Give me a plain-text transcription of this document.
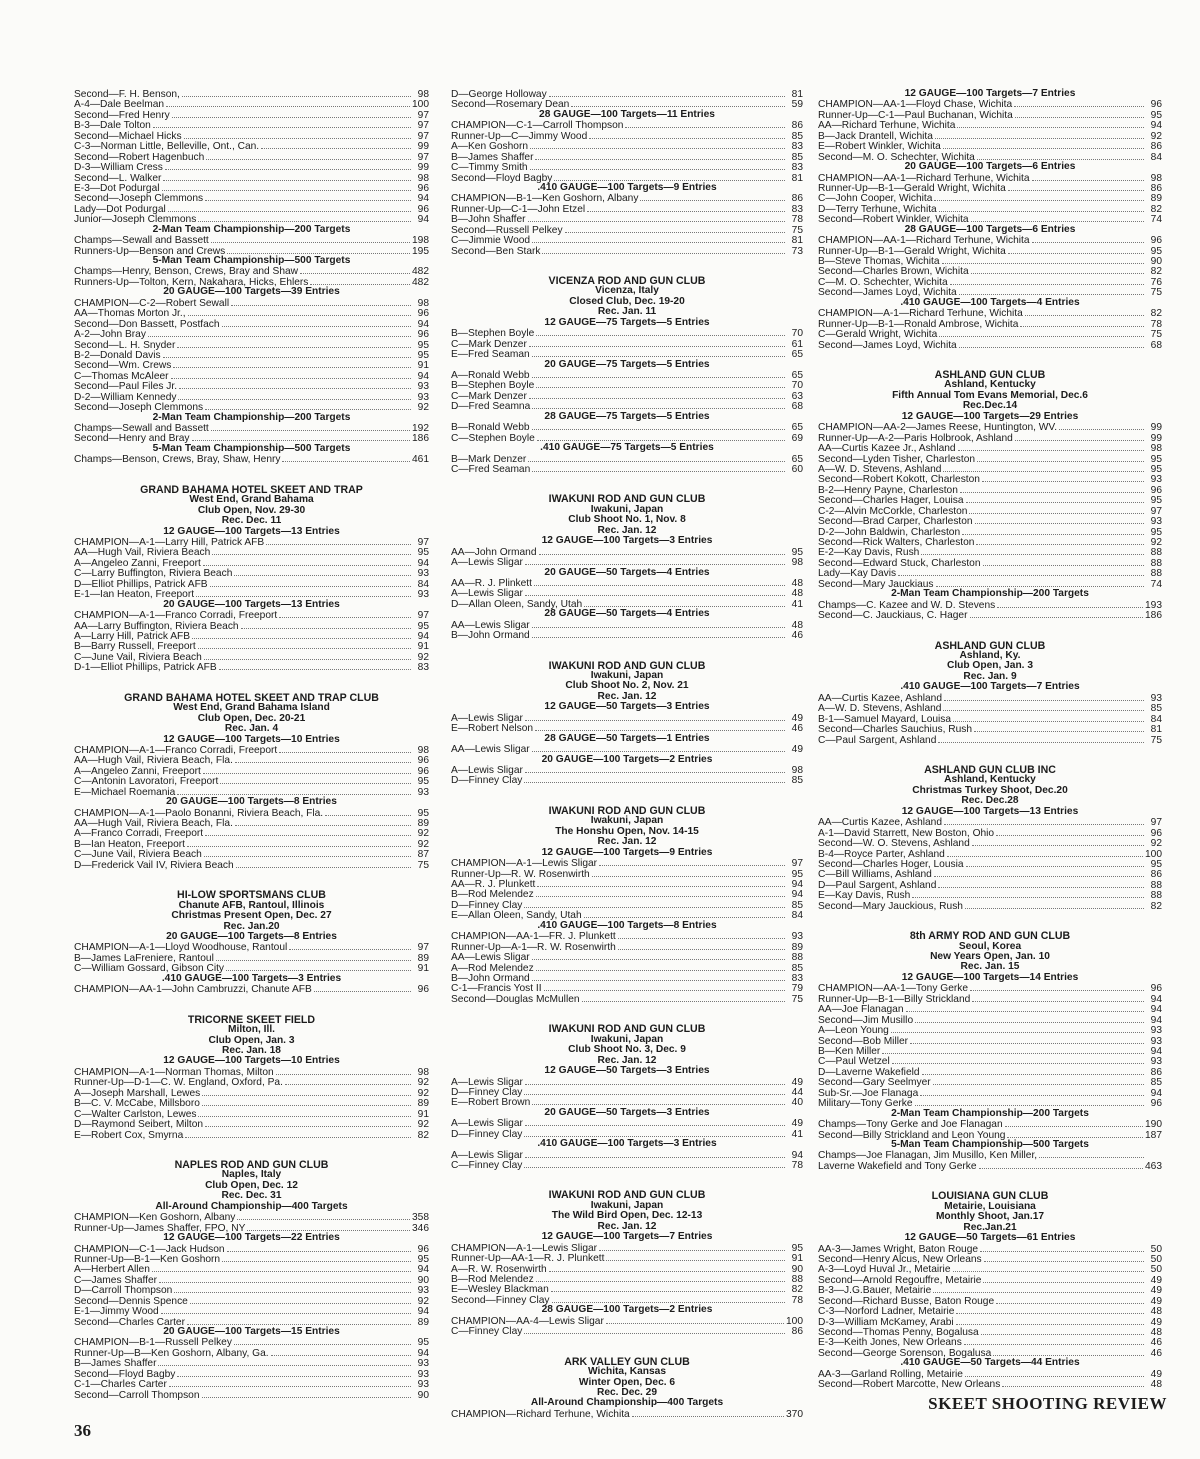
Second—F. H. Benson,	98
A-4—Dale Beelman	100
Second—Fred Henry	97
B-3—Dale Tolton	97
Second—Michael Hicks	97
C-3—Norman Little, Belleville, Ont., Can.	99
Second—Robert Hagenbuch	97
D-3—William Cress	99
Second—L. Walker	98
E-3—Dot Podurgal	96
Second—Joseph Clemmons	94
Lady—Dot Podurgal	96
Junior—Joseph Clemmons	94
2-Man Team Championship—200 Targets
Champs—Sewall and Bassett	198
Runners-Up—Benson and Crews	195
5-Man Team Championship—500 Targets
Champs—Henry, Benson, Crews, Bray and Shaw	482
Runners-Up—Tolton, Kern, Nakahara, Hicks, Ehlers	482
20 GAUGE—100 Targets—39 Entries
CHAMPION—C-2—Robert Sewall	98
AA—Thomas Morton Jr.,	96
Second—Don Bassett, Postfach	94
A-2—John Bray	96
Second—L. H. Snyder	95
B-2—Donald Davis	95
Second—Wm. Crews	91
C—Thomas McAleer	94
Second—Paul Files Jr.	93
D-2—William Kennedy	93
Second—Joseph Clemmons	92
2-Man Team Championship—200 Targets
Champs—Sewall and Bassett	192
Second—Henry and Bray	186
5-Man Team Championship—500 Targets
Champs—Benson, Crews, Bray, Shaw, Henry	461
GRAND BAHAMA HOTEL SKEET AND TRAP
West End, Grand Bahama
Club Open, Nov. 29-30
Rec. Dec. 11
12 GAUGE—100 Targets—13 Entries
CHAMPION—A-1—Larry Hill, Patrick AFB	97
AA—Hugh Vail, Riviera Beach	95
A—Angeleo Zanni, Freeport	94
C—Larry Buffington, Riviera Beach	93
D—Elliot Phillips, Patrick AFB	84
E-1—Ian Heaton, Freeport	93
20 GAUGE—100 Targets—13 Entries
CHAMPION—A-1—Franco Corradi, Freeport	97
AA—Larry Buffington, Riviera Beach	95
A—Larry Hill, Patrick AFB	94
B—Barry Russell, Freeport	91
C—June Vail, Riviera Beach	92
D-1—Elliot Phillips, Patrick AFB	83
GRAND BAHAMA HOTEL SKEET AND TRAP CLUB
West End, Grand Bahama Island
Club Open, Dec. 20-21
Rec. Jan. 4
12 GAUGE—100 Targets—10 Entries
CHAMPION—A-1—Franco Corradi, Freeport	98
AA—Hugh Vail, Riviera Beach, Fla.	96
A—Angeleo Zanni, Freeport	96
C—Antonin Lavoratori, Freeport	95
E—Michael Roemania	93
20 GAUGE—100 Targets—8 Entries
CHAMPION—A-1—Paolo Bonanni, Riviera Beach, Fla.	95
AA—Hugh Vail, Riviera Beach, Fla.	89
A—Franco Corradi, Freeport	92
B—Ian Heaton, Freeport	92
C—June Vail, Riviera Beach	87
D—Frederick Vail IV, Riviera Beach	75
HI-LOW SPORTSMANS CLUB
Chanute AFB, Rantoul, Illinois
Christmas Present Open, Dec. 27
Rec. Jan.20
20 GAUGE—100 Targets—8 Entries
CHAMPION—A-1—Lloyd Woodhouse, Rantoul	97
B—James LaFreniere, Rantoul	89
C—William Gossard, Gibson City	91
.410 GAUGE—100 Targets—3 Entries
CHAMPION—AA-1—John Cambruzzi, Chanute AFB	96
TRICORNE SKEET FIELD
Milton, Ill.
Club Open, Jan. 3
Rec. Jan. 18
12 GAUGE—100 Targets—10 Entries
CHAMPION—A-1—Norman Thomas, Milton	98
Runner-Up—D-1—C. W. England, Oxford, Pa.	92
A—Joseph Marshall, Lewes	92
B—C. V. McCabe, Millsboro	89
C—Walter Carlston, Lewes	91
D—Raymond Seibert, Milton	92
E—Robert Cox, Smyrna	82
NAPLES ROD AND GUN CLUB
Naples, Italy
Club Open, Dec. 12
Rec. Dec. 31
All-Around Championship—400 Targets
CHAMPION—Ken Goshorn, Albany	358
Runner-Up—James Shaffer, FPO, NY	346
12 GAUGE—100 Targets—22 Entries
CHAMPION—C-1—Jack Hudson	96
Runner-Up—B-1—Ken Goshorn	95
A—Herbert Allen	94
C—James Shaffer	90
D—Carroll Thompson	93
Second—Dennis Spence	92
E-1—Jimmy Wood	94
Second—Charles Carter	89
20 GAUGE—100 Targets—15 Entries
CHAMPION—B-1—Russell Pelkey	95
Runner-Up—B—Ken Goshorn, Albany, Ga.	94
B—James Shaffer	93
Second—Floyd Bagby	93
C-1—Charles Carter	93
Second—Carroll Thompson	90
D—George Holloway	81
Second—Rosemary Dean	59
28 GAUGE—100 Targets—11 Entries
CHAMPION—C-1—Carroll Thompson	86
Runner-Up—C—Jimmy Wood	85
A—Ken Goshorn	83
B—James Shaffer	85
C—Timmy Smith	83
Second—Floyd Bagby	81
.410 GAUGE—100 Targets—9 Entries
CHAMPION—B-1—Ken Goshorn, Albany	86
Runner-Up—C-1—John Etzel	83
B—John Shaffer	78
Second—Russell Pelkey	75
C—Jimmie Wood	81
Second—Ben Stark	73
VICENZA ROD AND GUN CLUB
Vicenza, Italy
Closed Club, Dec. 19-20
Rec. Jan. 11
12 GAUGE—75 Targets—5 Entries
B—Stephen Boyle	70
C—Mark Denzer	61
E—Fred Seaman	65
20 GAUGE—75 Targets—5 Entries
A—Ronald Webb	65
B—Stephen Boyle	70
C—Mark Denzer	63
D—Fred Seamna	68
28 GAUGE—75 Targets—5 Entries
B—Ronald Webb	65
C—Stephen Boyle	69
.410 GAUGE—75 Targets—5 Entries
B—Mark Denzer	65
C—Fred Seaman	60
IWAKUNI ROD AND GUN CLUB
Iwakuni, Japan
Club Shoot No. 1, Nov. 8
Rec. Jan. 12
12 GAUGE—100 Targets—3 Entries
AA—John Ormand	95
A—Lewis Sligar	98
20 GAUGE—50 Targets—4 Entries
AA—R. J. Plinkett	48
A—Lewis Sligar	48
D—Allan Oleen, Sandy, Utah	41
28 GAUGE—50 Targets—4 Entries
AA—Lewis Sligar	48
B—John Ormand	46
IWAKUNI ROD AND GUN CLUB
Iwakuni, Japan
Club Shoot No. 2, Nov. 21
Rec. Jan. 12
12 GAUGE—50 Targets—3 Entries
A—Lewis Sligar	49
E—Robert Nelson	46
28 GAUGE—50 Targets—1 Entries
AA—Lewis Sligar	49
20 GAUGE—100 Targets—2 Entries
A—Lewis Sligar	98
D—Finney Clay	85
IWAKUNI ROD AND GUN CLUB
Iwakuni, Japan
The Honshu Open, Nov. 14-15
Rec. Jan. 12
12 GAUGE—100 Targets—9 Entries
CHAMPION—A-1—Lewis Sligar	97
Runner-Up—R. W. Rosenwirth	95
AA—R. J. Plunkett	94
B—Rod Melendez	94
D—Finney Clay	85
E—Allan Oleen, Sandy, Utah	84
.410 GAUGE—100 Targets—8 Entries
CHAMPION—AA-1—FR. J. Plunkett	93
Runner-Up—A-1—R. W. Rosenwirth	89
AA—Lewis Sligar	88
A—Rod Melendez	85
B—John Ormand	83
C-1—Francis Yost II	79
Second—Douglas McMullen	75
IWAKUNI ROD AND GUN CLUB
Iwakuni, Japan
Club Shoot No. 3, Dec. 9
Rec. Jan. 12
12 GAUGE—50 Targets—3 Entries
A—Lewis Sligar	49
D—Finney Clay	44
E—Robert Brown	40
20 GAUGE—50 Targets—3 Entries
A—Lewis Sligar	49
D—Finney Clay	41
.410 GAUGE—100 Targets—3 Entries
A—Lewis Sligar	94
C—Finney Clay	78
IWAKUNI ROD AND GUN CLUB
Iwakuni, Japan
The Wild Bird Open, Dec. 12-13
Rec. Jan. 12
12 GAUGE—100 Targets—7 Entries
CHAMPION—A-1—Lewis Sligar	95
Runner-Up—AA-1—R. J. Plunkett	91
A—R. W. Rosenwirth	90
B—Rod Melendez	88
E—Wesley Blackman	82
Second—Finney Clay	78
28 GAUGE—100 Targets—2 Entries
CHAMPION—AA-4—Lewis Sligar	100
C—Finney Clay	86
ARK VALLEY GUN CLUB
Wichita, Kansas
Winter Open, Dec. 6
Rec. Dec. 29
All-Around Championship—400 Targets
CHAMPION—Richard Terhune, Wichita	370
12 GAUGE—100 Targets—7 Entries
CHAMPION—AA-1—Floyd Chase, Wichita	96
Runner-Up—C-1—Paul Buchanan, Wichita	95
AA—Richard Terhune, Wichita	94
B—Jack Drantell, Wichita	92
E—Robert Winkler, Wichita	86
Second—M. O. Schechter, Wichita	84
20 GAUGE—100 Targets—6 Entries
CHAMPION—AA-1—Richard Terhune, Wichita	98
Runner-Up—B-1—Gerald Wright, Wichita	86
C—John Cooper, Wichita	89
D—Terry Terhune, Wichita	82
Second—Robert Winkler, Wichita	74
28 GAUGE—100 Targets—6 Entries
CHAMPION—AA-1—Richard Terhune, Wichita	96
Runner-Up—B-1—Gerald Wright, Wichita	95
B—Steve Thomas, Wichita	90
Second—Charles Brown, Wichita	82
C—M. O. Schechter, Wichita	76
Second—James Loyd, Wichita	75
.410 GAUGE—100 Targets—4 Entries
CHAMPION—A-1—Richard Terhune, Wichita	82
Runner-Up—B-1—Ronald Ambrose, Wichita	78
C—Gerald Wright, Wichita	75
Second—James Loyd, Wichita	68
ASHLAND GUN CLUB
Ashland, Kentucky
Fifth Annual Tom Evans Memorial, Dec.6
Rec.Dec.14
12 GAUGE—100 Targets—29 Entries
CHAMPION—AA-2—James Reese, Huntington, WV.	99
Runner-Up—A-2—Paris Holbrook, Ashland	99
AA—Curtis Kazee Jr., Ashland	98
Second—Lyden Tisher, Charleston	95
A—W. D. Stevens, Ashland	95
Second—Robert Kokott, Charleston	93
B-2—Henry Payne, Charleston	96
Second—Charles Hager, Louisa	95
C-2—Alvin McCorkle, Charleston	97
Second—Brad Carper, Charleston	93
D-2—John Baldwin, Charleston	95
Second—Rick Walters, Charleston	92
E-2—Kay Davis, Rush	88
Second—Edward Stuck, Charleston	88
Lady—Kay Davis	88
Second—Mary Jauckiaus	74
2-Man Team Championship—200 Targets
Champs—C. Kazee and W. D. Stevens	193
Second—C. Jauckiaus, C. Hager	186
ASHLAND GUN CLUB
Ashland, Ky.
Club Open, Jan. 3
Rec. Jan. 9
.410 GAUGE—100 Targets—7 Entries
AA—Curtis Kazee, Ashland	93
A—W. D. Stevens, Ashland	85
B-1—Samuel Mayard, Louisa	84
Second—Charles Sauchius, Rush	81
C—Paul Sargent, Ashland	75
ASHLAND GUN CLUB INC
Ashland, Kentucky
Christmas Turkey Shoot, Dec.20
Rec. Dec.28
12 GAUGE—100 Targets—13 Entries
AA—Curtis Kazee, Ashland	97
A-1—David Starrett, New Boston, Ohio	96
Second—W. O. Stevens, Ashland	92
B-4—Royce Parter, Ashland	100
Second—Charles Hoger, Lousia	95
C—Bill Williams, Ashland	86
D—Paul Sargent, Ashland	88
E—Kay Davis, Rush	88
Second—Mary Jauckious, Rush	82
8th ARMY ROD AND GUN CLUB
Seoul, Korea
New Years Open, Jan. 10
Rec. Jan. 15
12 GAUGE—100 Targets—14 Entries
CHAMPION—AA-1—Tony Gerke	96
Runner-Up—B-1—Billy Strickland	94
AA—Joe Flanagan	94
Second—Jim Musillo	94
A—Leon Young	93
Second—Bob Miller	93
B—Ken Miller	94
C—Paul Wetzel	93
D—Laverne Wakefield	86
Second—Gary Seelmyer	85
Sub-Sr.—Joe Flanaga	94
Military—Tony Gerke	96
2-Man Team Championship—200 Targets
Champs—Tony Gerke and Joe Flanagan	190
Second—Billy Strickland and Leon Young	187
5-Man Team Championship—500 Targets
Champs—Joe Flanagan, Jim Musillo, Ken Miller,
Laverne Wakefield and Tony Gerke	463
LOUISIANA GUN CLUB
Metairie, Louisiana
Monthly Shoot, Jan.17
Rec.Jan.21
12 GAUGE—50 Targets—61 Entries
AA-3—James Wright, Baton Rouge	50
Second—Henry Alcus, New Orleans	50
A-3—Loyd Huval Jr., Metairie	50
Second—Arnold Regouffre, Metairie	49
B-3—J.G.Bauer, Metairie	49
Second—Richard Busse, Baton Rouge	49
C-3—Norford Ladner, Metairie	48
D-3—William McKamey, Arabi	49
Second—Thomas Penny, Bogalusa	48
E-3—Keith Jones, New Orleans	46
Second—George Sorenson, Bogalusa	46
.410 GAUGE—50 Targets—44 Entries
AA-3—Garland Rolling, Metairie	49
Second—Robert Marcotte, New Orleans	48
36
SKEET SHOOTING REVIEW
